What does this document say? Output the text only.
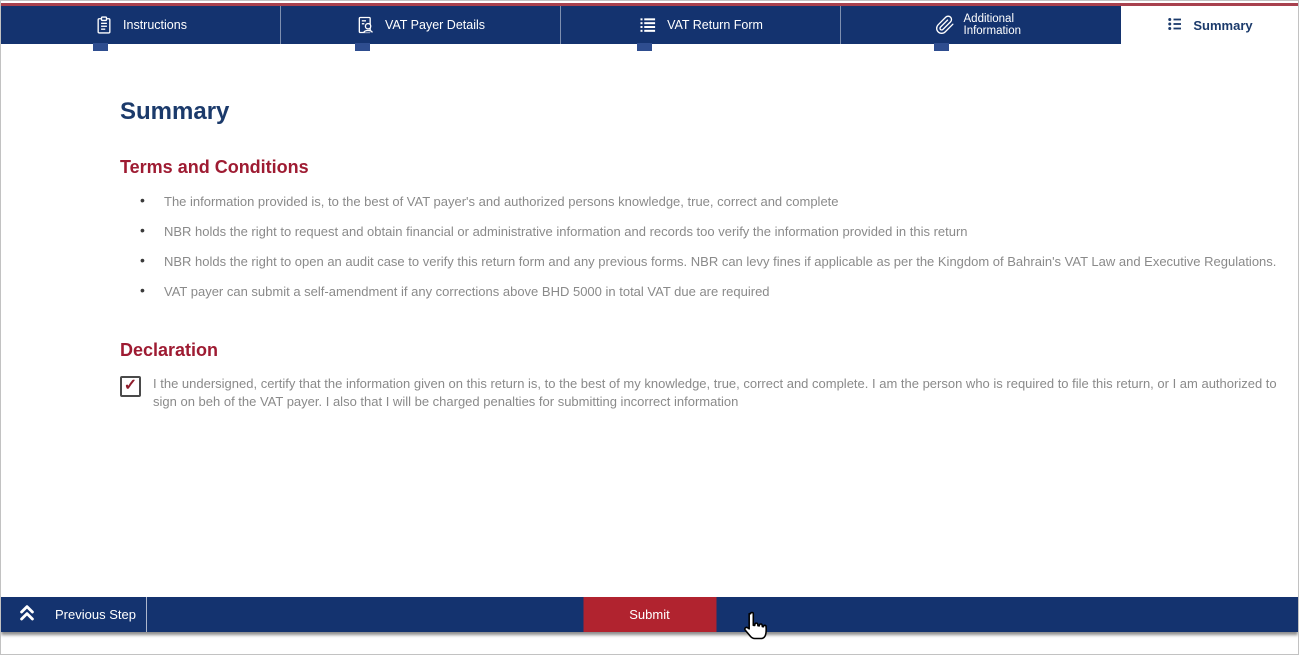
Instructions	VAT Payer Details	VAT Return Form	Additional Information	Summary
Summary
Terms and Conditions
• The information provided is, to the best of VAT payer's and authorized persons knowledge, true, correct and complete
• NBR holds the right to request and obtain financial or administrative information and records too verify the information provided in this return
• NBR holds the right to open an audit case to verify this return form and any previous forms. NBR can levy fines if applicable as per the Kingdom of Bahrain's VAT Law and Executive Regulations.
• VAT payer can submit a self-amendment if any corrections above BHD 5000 in total VAT due are required
Declaration
✓ I the undersigned, certify that the information given on this return is, to the best of my knowledge, true, correct and complete. I am the person who is required to file this return, or I am authorized to sign on beh of the VAT payer. I also that I will be charged penalties for submitting incorrect information

Previous Step	Submit
